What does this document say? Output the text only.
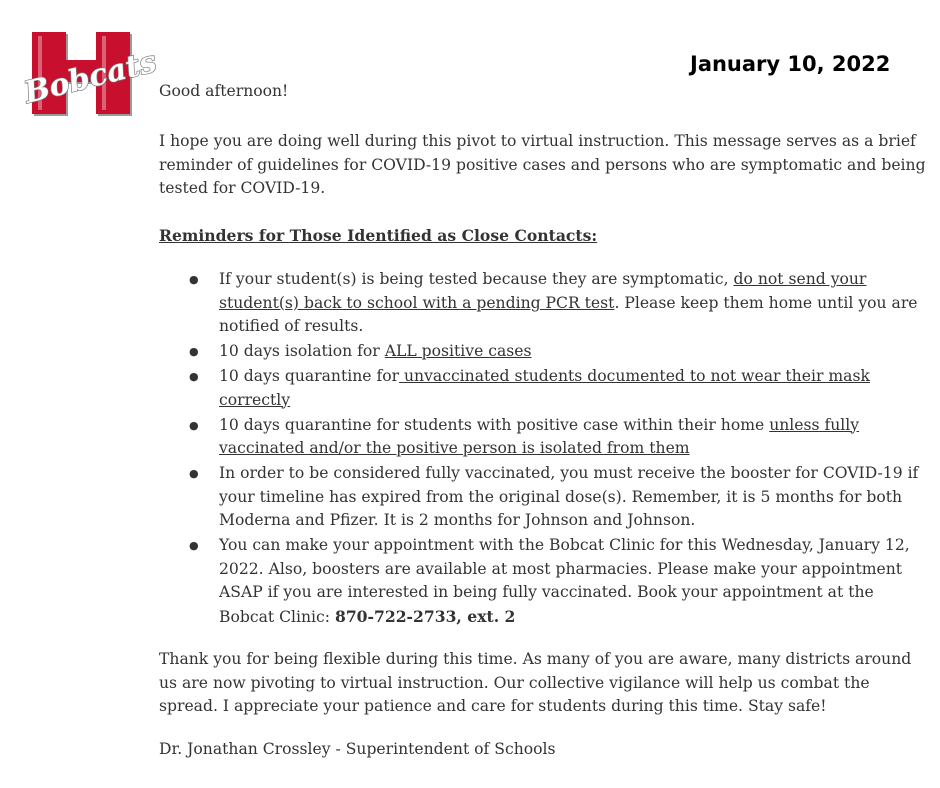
Bobcats	January 10, 2022
Good afternoon!
I hope you are doing well during this pivot to virtual instruction. This message serves as a brief reminder of guidelines for COVID-19 positive cases and persons who are symptomatic and being tested for COVID-19.
Reminders for Those Identified as Close Contacts:
● If your student(s) is being tested because they are symptomatic, do not send your student(s) back to school with a pending PCR test. Please keep them home until you are notified of results.
● 10 days isolation for ALL positive cases
● 10 days quarantine for unvaccinated students documented to not wear their mask correctly
● 10 days quarantine for students with positive case within their home unless fully vaccinated and/or the positive person is isolated from them
● In order to be considered fully vaccinated, you must receive the booster for COVID-19 if your timeline has expired from the original dose(s). Remember, it is 5 months for both Moderna and Pfizer. It is 2 months for Johnson and Johnson.
● You can make your appointment with the Bobcat Clinic for this Wednesday, January 12, 2022. Also, boosters are available at most pharmacies. Please make your appointment ASAP if you are interested in being fully vaccinated. Book your appointment at the Bobcat Clinic: 870-722-2733, ext. 2
Thank you for being flexible during this time. As many of you are aware, many districts around us are now pivoting to virtual instruction. Our collective vigilance will help us combat the spread. I appreciate your patience and care for students during this time. Stay safe!
Dr. Jonathan Crossley - Superintendent of Schools
